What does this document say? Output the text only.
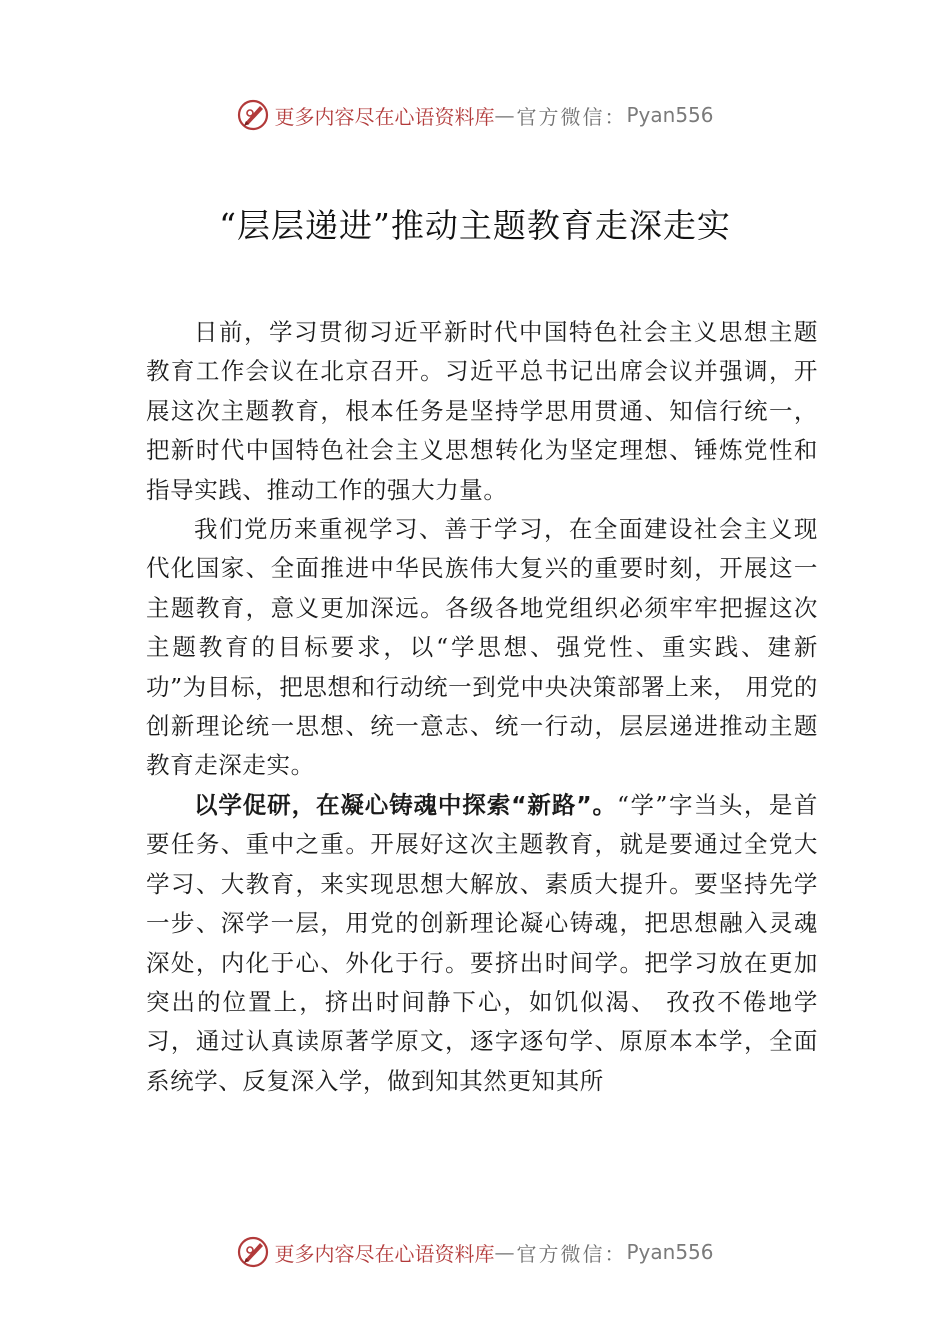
更多内容尽在心语资料库 — 官方微信： Pyan556
“层层递进”推动主题教育走深走实

日前，学习贯彻习近平新时代中国特色社会主义思想主题教育工作会议在北京召开。习近平总书记出席会议并强调，开展这次主题教育，根本任务是坚持学思用贯通、知信行统一，把新时代中国特色社会主义思想转化为坚定理想、锤炼党性和指导实践、推动工作的强大力量。

我们党历来重视学习、善于学习，在全面建设社会主义现代化国家、全面推进中华民族伟大复兴的重要时刻，开展这一主题教育，意义更加深远。各级各地党组织必须牢牢把握这次主题教育的目标要求，以“学思想、强党性、重实践、建新功”为目标，把思想和行动统一到党中央决策部署上来， 用党的创新理论统一思想、统一意志、统一行动，层层递进推动主题教育走深走实。

以学促研，在凝心铸魂中探索“新路”。“学”字当头，是首要任务、重中之重。开展好这次主题教育，就是要通过全党大学习、大教育，来实现思想大解放、素质大提升。要坚持先学一步、深学一层，用党的创新理论凝心铸魂，把思想融入灵魂深处，内化于心、外化于行。要挤出时间学。把学习放在更加突出的位置上，挤出时间静下心，如饥似渴、 孜孜不倦地学习，通过认真读原著学原文，逐字逐句学、原原本本学，全面系统学、反复深入学，做到知其然更知其所

更多内容尽在心语资料库 — 官方微信： Pyan556
